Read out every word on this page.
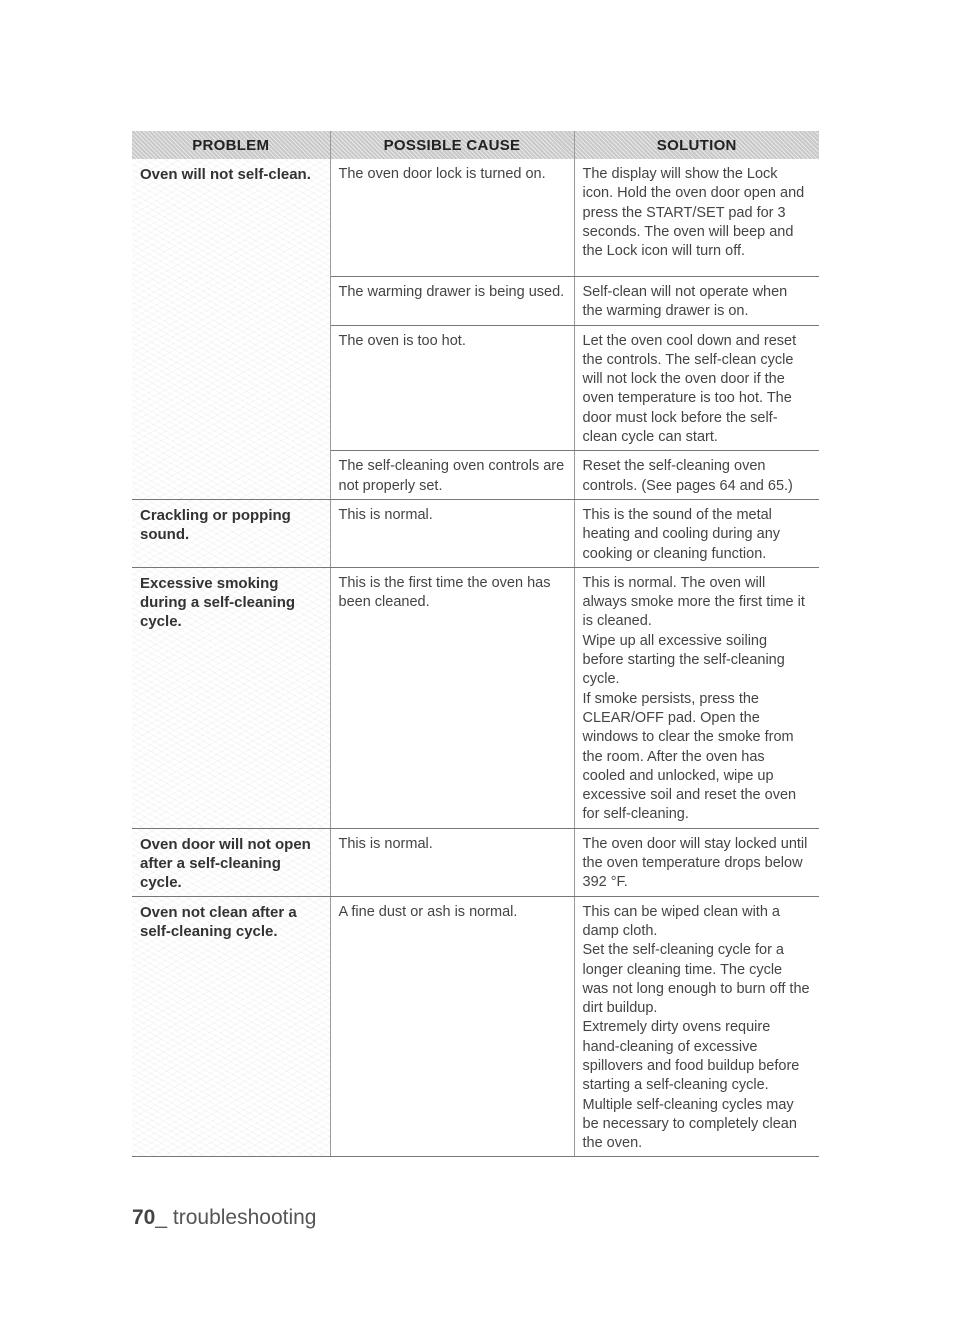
PROBLEM	POSSIBLE CAUSE	SOLUTION
Oven will not self-clean.	The oven door lock is turned on.	The display will show the Lock icon. Hold the oven door open and press the START/SET pad for 3 seconds. The oven will beep and the Lock icon will turn off.
	The warming drawer is being used.	Self-clean will not operate when the warming drawer is on.
	The oven is too hot.	Let the oven cool down and reset the controls. The self-clean cycle will not lock the oven door if the oven temperature is too hot. The door must lock before the self-clean cycle can start.
	The self-cleaning oven controls are not properly set.	Reset the self-cleaning oven controls. (See pages 64 and 65.)
Crackling or popping sound.	This is normal.	This is the sound of the metal heating and cooling during any cooking or cleaning function.
Excessive smoking during a self-cleaning cycle.	This is the first time the oven has been cleaned.	This is normal. The oven will always smoke more the first time it is cleaned.
Wipe up all excessive soiling before starting the self-cleaning cycle.
If smoke persists, press the CLEAR/OFF pad. Open the windows to clear the smoke from the room. After the oven has cooled and unlocked, wipe up excessive soil and reset the oven for self-cleaning.
Oven door will not open after a self-cleaning cycle.	This is normal.	The oven door will stay locked until the oven temperature drops below 392 °F.
Oven not clean after a self-cleaning cycle.	A fine dust or ash is normal.	This can be wiped clean with a damp cloth.
Set the self-cleaning cycle for a longer cleaning time. The cycle was not long enough to burn off the dirt buildup.
Extremely dirty ovens require hand-cleaning of excessive spillovers and food buildup before starting a self-cleaning cycle. Multiple self-cleaning cycles may be necessary to completely clean the oven.
70_ troubleshooting
